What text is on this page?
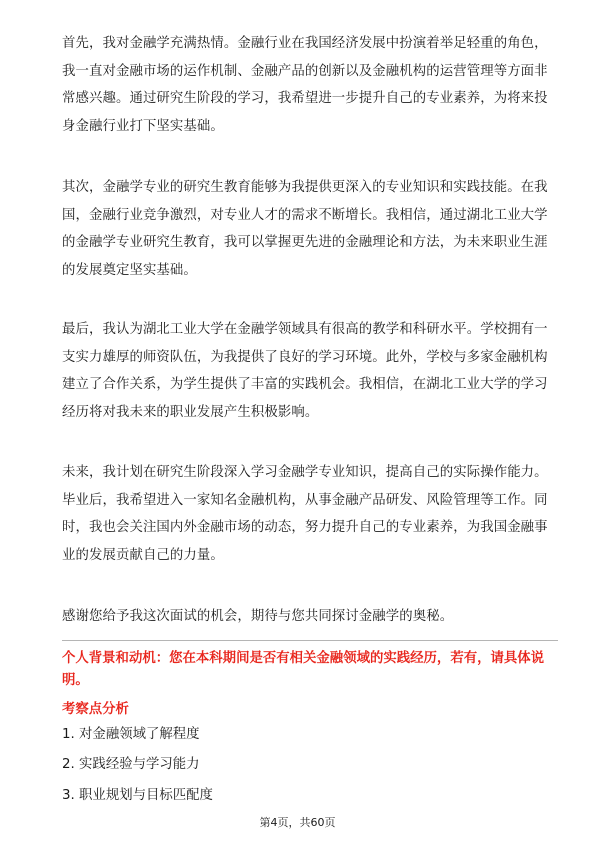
首先，我对金融学充满热情。金融行业在我国经济发展中扮演着举足轻重的角色，
我一直对金融市场的运作机制、金融产品的创新以及金融机构的运营管理等方面非
常感兴趣。通过研究生阶段的学习，我希望进一步提升自己的专业素养，为将来投
身金融行业打下坚实基础。
其次，金融学专业的研究生教育能够为我提供更深入的专业知识和实践技能。在我
国，金融行业竞争激烈，对专业人才的需求不断增长。我相信，通过湖北工业大学
的金融学专业研究生教育，我可以掌握更先进的金融理论和方法，为未来职业生涯
的发展奠定坚实基础。
最后，我认为湖北工业大学在金融学领域具有很高的教学和科研水平。学校拥有一
支实力雄厚的师资队伍，为我提供了良好的学习环境。此外，学校与多家金融机构
建立了合作关系，为学生提供了丰富的实践机会。我相信，在湖北工业大学的学习
经历将对我未来的职业发展产生积极影响。
未来，我计划在研究生阶段深入学习金融学专业知识，提高自己的实际操作能力。
毕业后，我希望进入一家知名金融机构，从事金融产品研发、风险管理等工作。同
时，我也会关注国内外金融市场的动态，努力提升自己的专业素养，为我国金融事
业的发展贡献自己的力量。
感谢您给予我这次面试的机会，期待与您共同探讨金融学的奥秘。
个人背景和动机：您在本科期间是否有相关金融领域的实践经历，若有，请具体说
明。
考察点分析
1. 对金融领域了解程度
2. 实践经验与学习能力
3. 职业规划与目标匹配度
第4页，共60页
